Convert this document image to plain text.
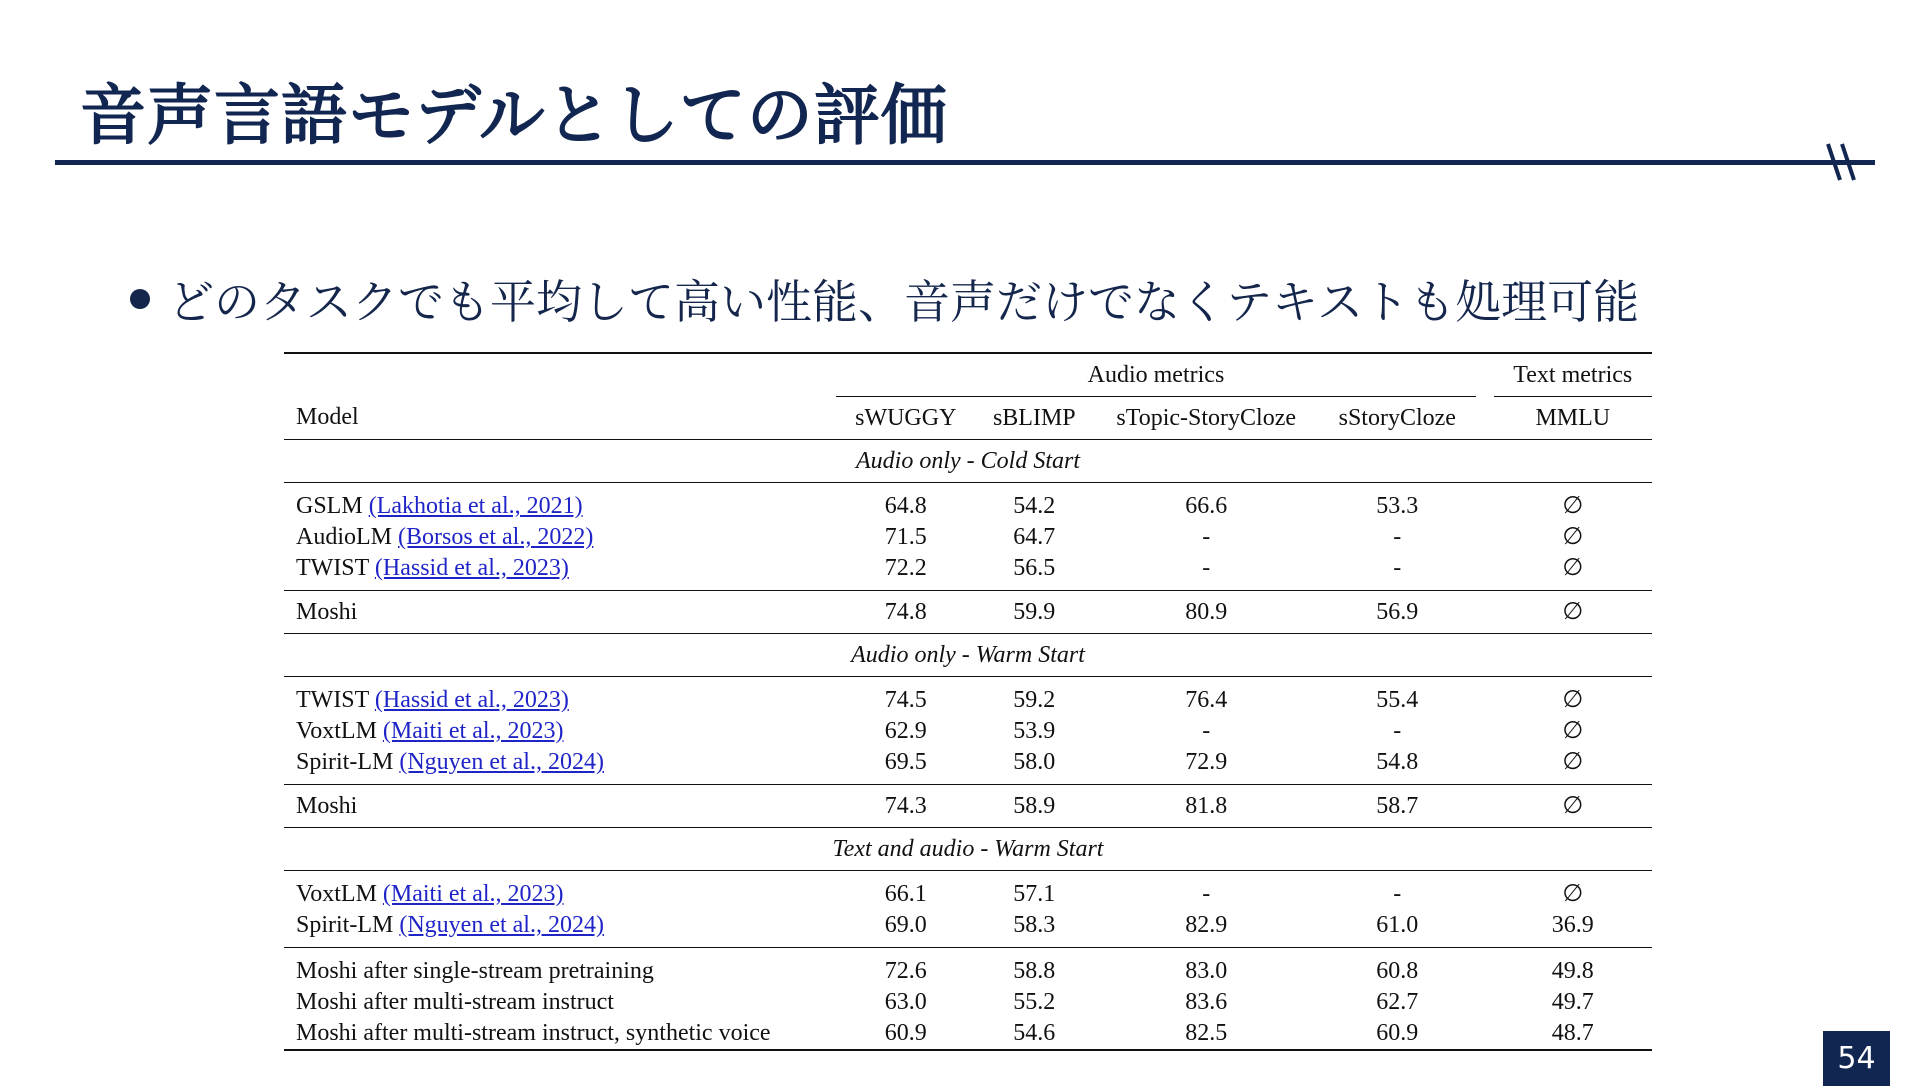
音声言語モデルとしての評価

どのタスクでも平均して高い性能、音声だけでなくテキストも処理可能

	Audio metrics					Text metrics
Model	sWUGGY	sBLIMP	sTopic-StoryCloze	sStoryCloze		MMLU
Audio only - Cold Start						
GSLM (Lakhotia et al., 2021)	64.8	54.2	66.6	53.3		∅
AudioLM (Borsos et al., 2022)	71.5	64.7	-	-		∅
TWIST (Hassid et al., 2023)	72.2	56.5	-	-		∅
Moshi	74.8	59.9	80.9	56.9		∅
Audio only - Warm Start						
TWIST (Hassid et al., 2023)	74.5	59.2	76.4	55.4		∅
VoxtLM (Maiti et al., 2023)	62.9	53.9	-	-		∅
Spirit-LM (Nguyen et al., 2024)	69.5	58.0	72.9	54.8		∅
Moshi	74.3	58.9	81.8	58.7		∅
Text and audio - Warm Start						
VoxtLM (Maiti et al., 2023)	66.1	57.1	-	-		∅
Spirit-LM (Nguyen et al., 2024)	69.0	58.3	82.9	61.0		36.9
Moshi after single-stream pretraining	72.6	58.8	83.0	60.8		49.8
Moshi after multi-stream instruct	63.0	55.2	83.6	62.7		49.7
Moshi after multi-stream instruct, synthetic voice	60.9	54.6	82.5	60.9		48.7
54
